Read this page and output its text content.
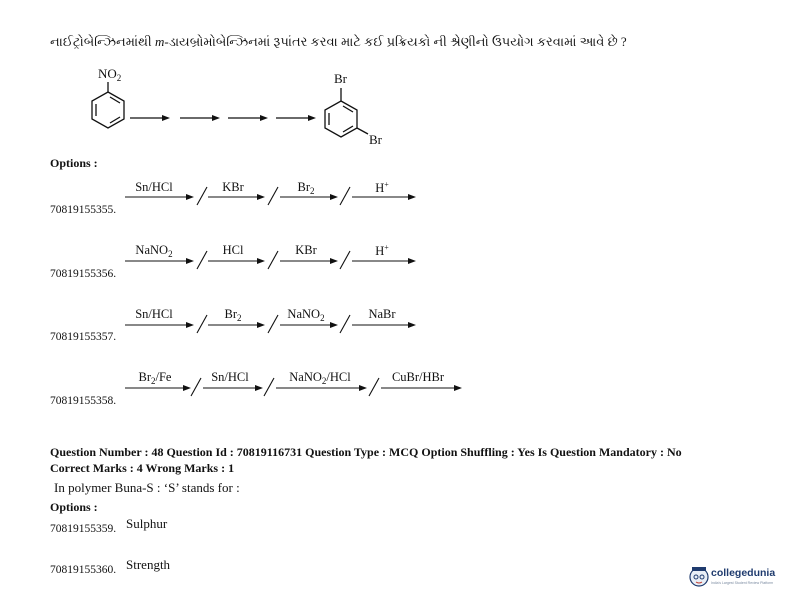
નાઈટ્રોબેન્ઝિનમાંથી m-ડાયબ્રોમોબેન્ઝિનમાં રૂપાંતર કરવા માટે કઈ પ્રક્રિયકો ની શ્રેણીનો ઉપયોગ કરવામાં આવે છે ?
$NO_2$	Br
Br
Options :
Sn/HCl	KBr	$Br_2$	H+
70819155355.
NaNO$_2$	HCl	KBr	H+
70819155356.
Sn/HCl	$Br_2$	NaNO$_2$	NaBr
70819155357.
$Br_2/Fe$	Sn/HCl	NaNO$_2$/HCl	CuBr/HBr
70819155358.
Question Number : 48 Question Id : 70819116731 Question Type : MCQ Option Shuffling : Yes Is Question Mandatory : No
Correct Marks : 4 Wrong Marks : 1
In polymer Buna-S : ‘S’ stands for :
Options :
70819155359. Sulphur
70819155360. Strength
collegedunia
India's Largest Student Review Platform
